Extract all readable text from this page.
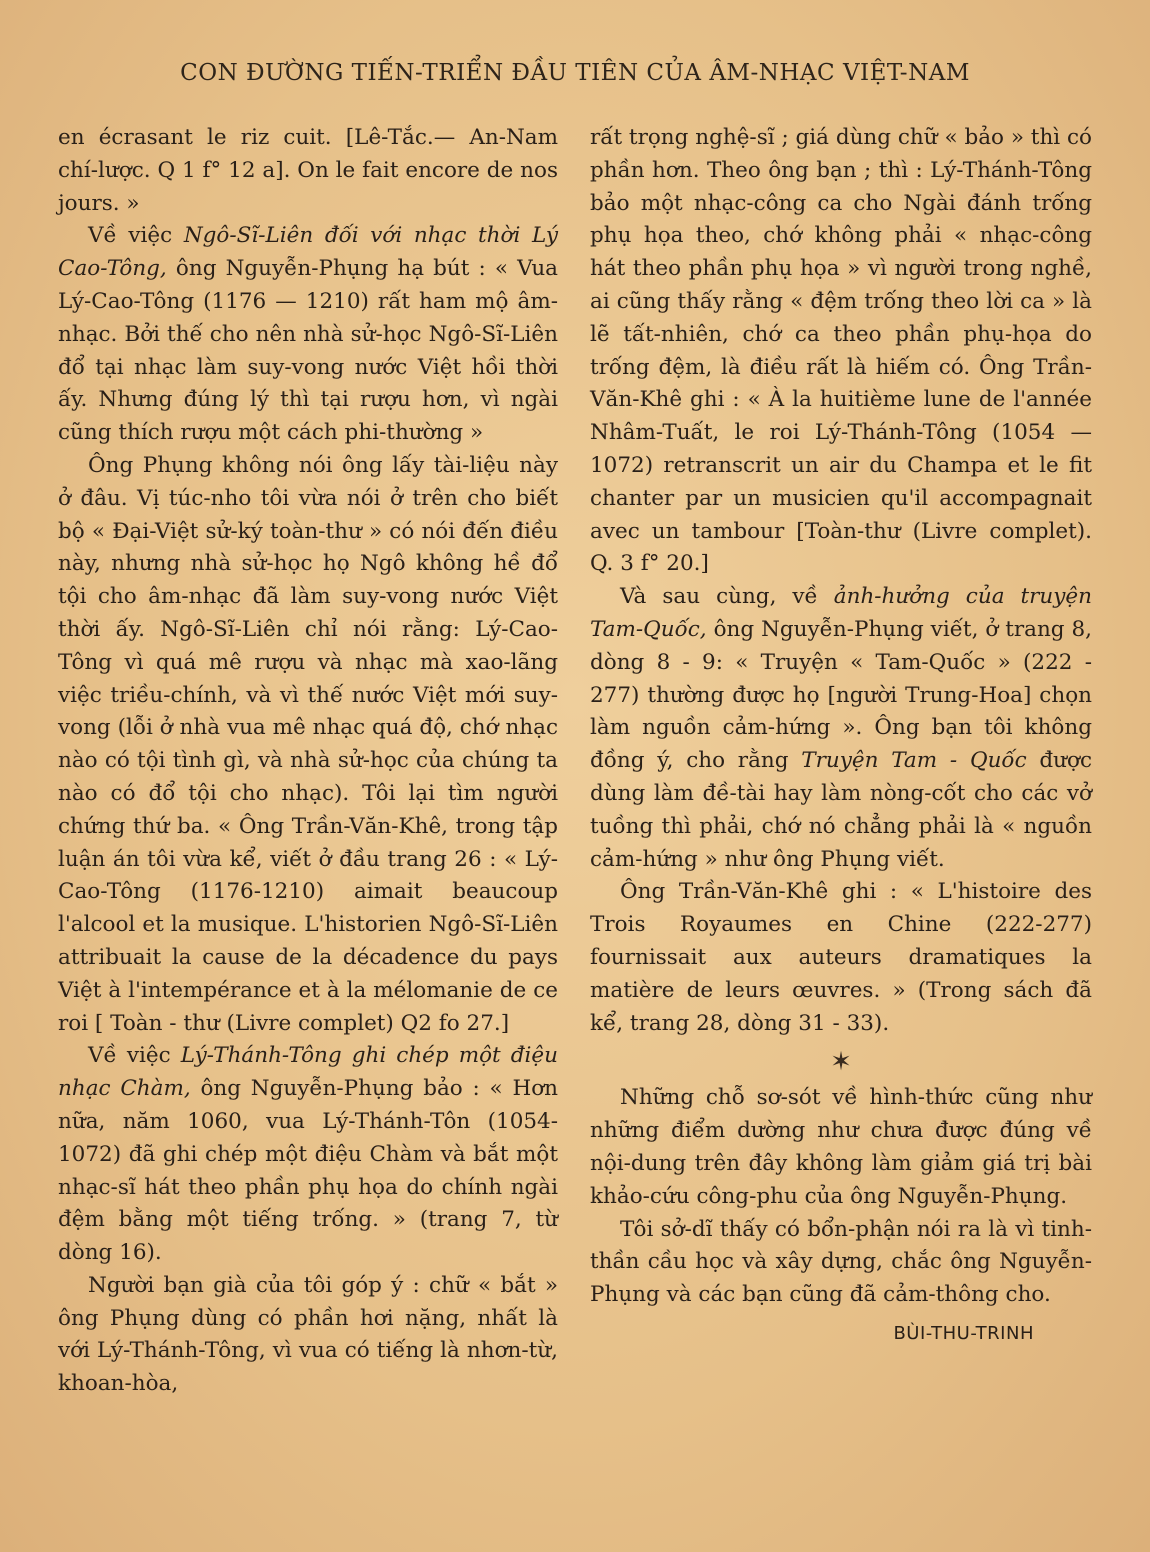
CON ĐƯỜNG TIẾN-TRIỂN ĐẦU TIÊN CỦA ÂM-NHẠC VIỆT-NAM

en écrasant le riz cuit. [Lê-Tắc.— An-Nam chí-lược. Q 1 f° 12 a]. On le fait encore de nos jours. »

Về việc Ngô-Sĩ-Liên đối với nhạc thời Lý Cao-Tông, ông Nguyễn-Phụng hạ bút : « Vua Lý-Cao-Tông (1176 — 1210) rất ham mộ âm-nhạc. Bởi thế cho nên nhà sử-học Ngô-Sĩ-Liên đổ tại nhạc làm suy-vong nước Việt hồi thời ấy. Nhưng đúng lý thì tại rượu hơn, vì ngài cũng thích rượu một cách phi-thường »

Ông Phụng không nói ông lấy tài-liệu này ở đâu. Vị túc-nho tôi vừa nói ở trên cho biết bộ « Đại-Việt sử-ký toàn-thư » có nói đến điều này, nhưng nhà sử-học họ Ngô không hề đổ tội cho âm-nhạc đã làm suy-vong nước Việt thời ấy. Ngô-Sĩ-Liên chỉ nói rằng: Lý-Cao-Tông vì quá mê rượu và nhạc mà xao-lãng việc triều-chính, và vì thế nước Việt mới suy-vong (lỗi ở nhà vua mê nhạc quá độ, chớ nhạc nào có tội tình gì, và nhà sử-học của chúng ta nào có đổ tội cho nhạc). Tôi lại tìm người chứng thứ ba. « Ông Trần-Văn-Khê, trong tập luận án tôi vừa kể, viết ở đầu trang 26 : « Lý-Cao-Tông (1176-1210) aimait beaucoup l'alcool et la musique. L'historien Ngô-Sĩ-Liên attribuait la cause de la décadence du pays Việt à l'intempérance et à la mélomanie de ce roi [ Toàn - thư (Livre complet) Q2 fo 27.]

Về việc Lý-Thánh-Tông ghi chép một điệu nhạc Chàm, ông Nguyễn-Phụng bảo : « Hơn nữa, năm 1060, vua Lý-Thánh-Tôn (1054-1072) đã ghi chép một điệu Chàm và bắt một nhạc-sĩ hát theo phần phụ họa do chính ngài đệm bằng một tiếng trống. » (trang 7, từ dòng 16).

Người bạn già của tôi góp ý : chữ « bắt » ông Phụng dùng có phần hơi nặng, nhất là với Lý-Thánh-Tông, vì vua có tiếng là nhơn-từ, khoan-hòa,

rất trọng nghệ-sĩ ; giá dùng chữ « bảo » thì có phần hơn. Theo ông bạn ; thì : Lý-Thánh-Tông bảo một nhạc-công ca cho Ngài đánh trống phụ họa theo, chớ không phải « nhạc-công hát theo phần phụ họa » vì người trong nghề, ai cũng thấy rằng « đệm trống theo lời ca » là lẽ tất-nhiên, chớ ca theo phần phụ-họa do trống đệm, là điều rất là hiếm có. Ông Trần-Văn-Khê ghi : « À la huitième lune de l'année Nhâm-Tuất, le roi Lý-Thánh-Tông (1054 — 1072) retranscrit un air du Champa et le fit chanter par un musicien qu'il accompagnait avec un tambour [Toàn-thư (Livre complet). Q. 3 f° 20.]

Và sau cùng, về ảnh-hưởng của truyện Tam-Quốc, ông Nguyễn-Phụng viết, ở trang 8, dòng 8 - 9: « Truyện « Tam-Quốc » (222 - 277) thường được họ [người Trung-Hoa] chọn làm nguồn cảm-hứng ». Ông bạn tôi không đồng ý, cho rằng Truyện Tam - Quốc được dùng làm đề-tài hay làm nòng-cốt cho các vở tuồng thì phải, chớ nó chẳng phải là « nguồn cảm-hứng » như ông Phụng viết.

Ông Trần-Văn-Khê ghi : « L'histoire des Trois Royaumes en Chine (222-277) fournissait aux auteurs dramatiques la matière de leurs œuvres. » (Trong sách đã kể, trang 28, dòng 31 - 33).

✶

Những chỗ sơ-sót về hình-thức cũng như những điểm dường như chưa được đúng về nội-dung trên đây không làm giảm giá trị bài khảo-cứu công-phu của ông Nguyễn-Phụng.

Tôi sở-dĩ thấy có bổn-phận nói ra là vì tinh-thần cầu học và xây dựng, chắc ông Nguyễn-Phụng và các bạn cũng đã cảm-thông cho.

BÙI-THU-TRINH
